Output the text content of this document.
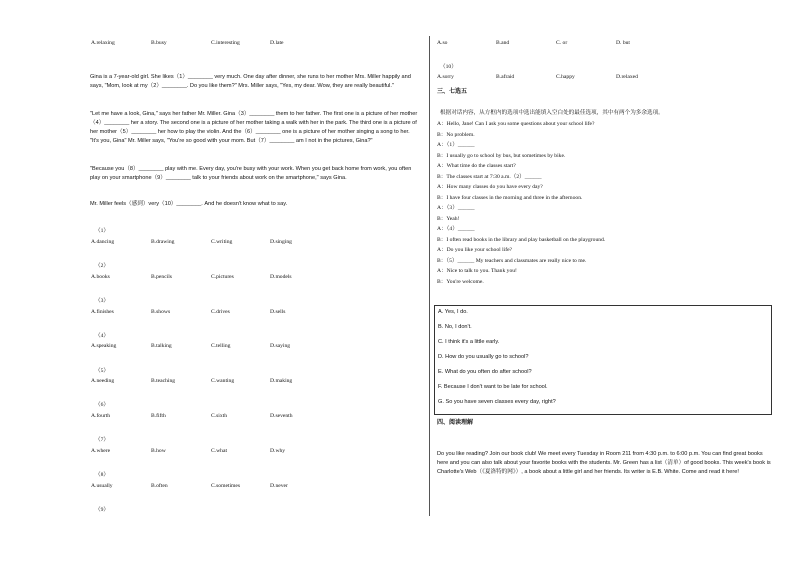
A.relaxing	B.busy	C.interesting	D.late
Gina is a 7-year-old girl. She likes（1）________ very much. One day after dinner, she runs to her mother Mrs. Miller happily and says, "Mom, look at my（2）________. Do you like them?" Mrs. Miller says, "Yes, my dear. Wow, they are really beautiful."
"Let me have a look, Gina," says her father Mr. Miller. Gina（3）________ them to her father. The first one is a picture of her mother（4）________ her a story. The second one is a picture of her mother taking a walk with her in the park. The third one is a picture of her mother（5）________ her how to play the violin. And the（6）________ one is a picture of her mother singing a song to her. "It's you, Gina" Mr. Miller says, "You're so good with your mom. But（7）________ am I not in the pictures, Gina?"
"Because you（8）________ play with me. Every day, you're busy with your work. When you get back home from work, you often play on your smartphone（9）________ talk to your friends about work on the smartphone," says Gina.
Mr. Miller feels（感到）very（10）________. And he doesn't know what to say.
（1）
A.dancing	B.drawing	C.writing	D.singing
（2）
A.books	B.pencils	C.pictures	D.models
（3）
A.finishes	B.shows	C.drives	D.sells
（4）
A.speaking	B.talking	C.telling	D.saying
（5）
A.needing	B.teaching	C.wanting	D.making
（6）
A.fourth	B.fifth	C.sixth	D.seventh
（7）
A.where	B.how	C.what	D.why
（8）
A.usually	B.often	C.sometimes	D.never
（9）
A.so	B.and	C. or	D. but
（10）
A.sorry	B.afraid	C.happy	D.relaxed
三、七选五
根据对话内容，从方框内的选项中选出能填入空白处的最佳选项，其中有两个为多余选项。
A：Hello, Jane! Can I ask you some questions about your school life?
B：No problem.
A：（1）______
B：I usually go to school by bus, but sometimes by bike.
A：What time do the classes start?
B：The classes start at 7:30 a.m.（2）______
A：How many classes do you have every day?
B：I have four classes in the morning and three in the afternoon.
A：（3）______
B：Yeah!
A：（4）______
B：I often read books in the library and play basketball on the playground.
A：Do you like your school life?
B：（5）______ My teachers and classmates are really nice to me.
A：Nice to talk to you. Thank you!
B：You're welcome.
A. Yes, I do.
B. No, I don't.
C. I think it's a little early.
D. How do you usually go to school?
E. What do you often do after school?
F. Because I don't want to be late for school.
G. So you have seven classes every day, right?
四、阅读理解
Do you like reading? Join our book club! We meet every Tuesday in Room 211 from 4:30 p.m. to 6:00 p.m. You can find great books here and you can also talk about your favorite books with the students. Mr. Green has a list（清单）of good books. This week's book is Charlotte's Web（《夏洛特的网》）, a book about a little girl and her friends. Its writer is E.B. White. Come and read it here!
